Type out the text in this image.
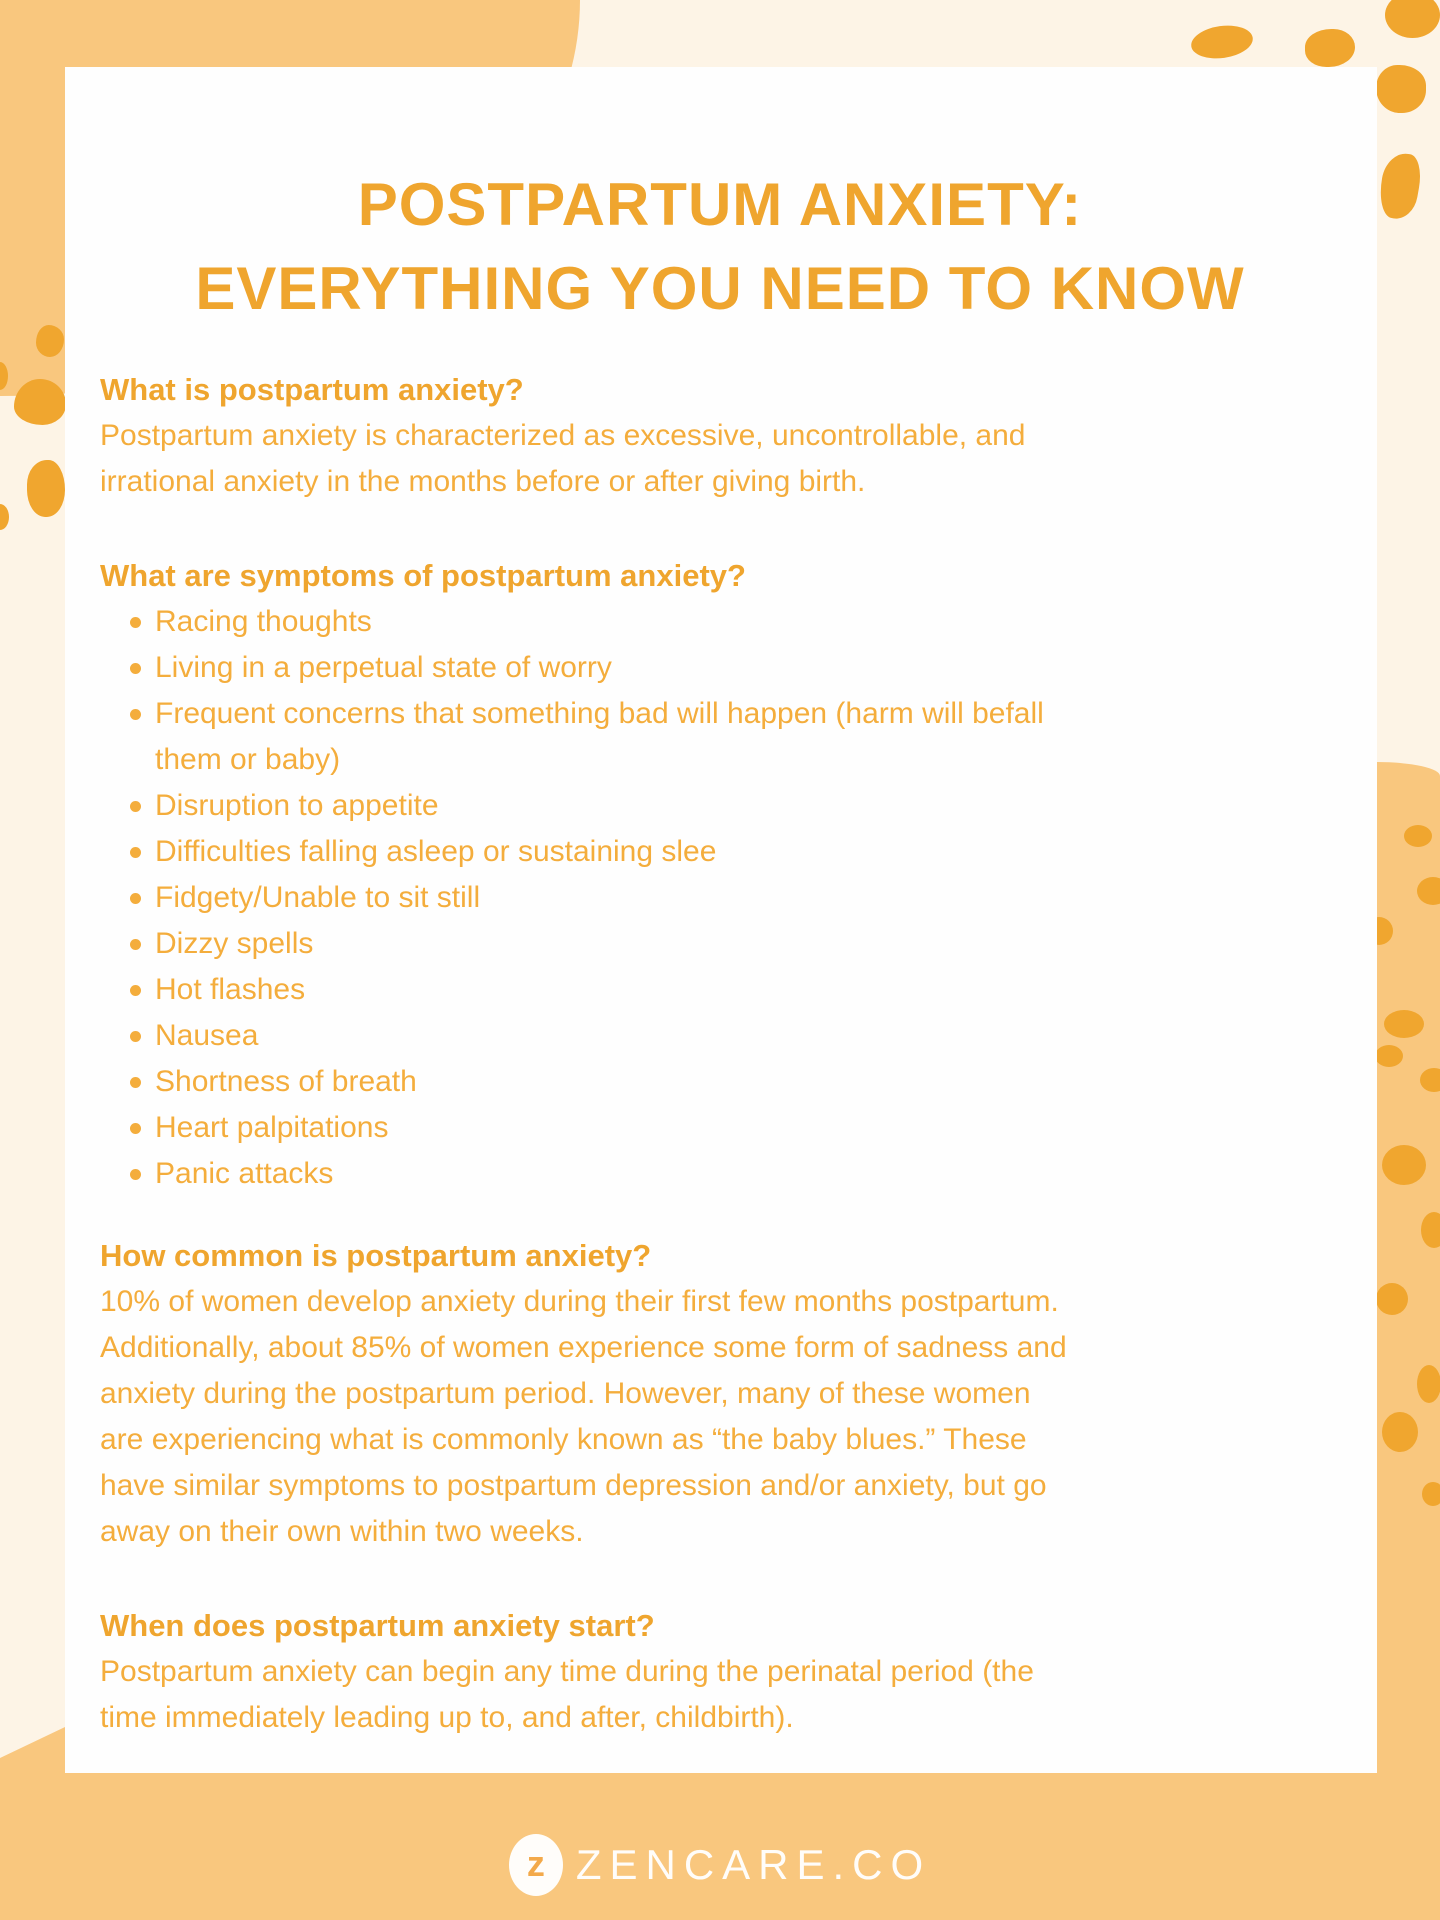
POSTPARTUM ANXIETY:
EVERYTHING YOU NEED TO KNOW
What is postpartum anxiety?
Postpartum anxiety is characterized as excessive, uncontrollable, and
irrational anxiety in the months before or after giving birth.
What are symptoms of postpartum anxiety?
Racing thoughts
Living in a perpetual state of worry
Frequent concerns that something bad will happen (harm will befall
them or baby)
Disruption to appetite
Difficulties falling asleep or sustaining slee
Fidgety/Unable to sit still
Dizzy spells
Hot flashes
Nausea
Shortness of breath
Heart palpitations
Panic attacks
How common is postpartum anxiety?
10% of women develop anxiety during their first few months postpartum.
Additionally, about 85% of women experience some form of sadness and
anxiety during the postpartum period. However, many of these women
are experiencing what is commonly known as “the baby blues.” These
have similar symptoms to postpartum depression and/or anxiety, but go
away on their own within two weeks.
When does postpartum anxiety start?
Postpartum anxiety can begin any time during the perinatal period (the
time immediately leading up to, and after, childbirth).
z ZENCARE.CO
